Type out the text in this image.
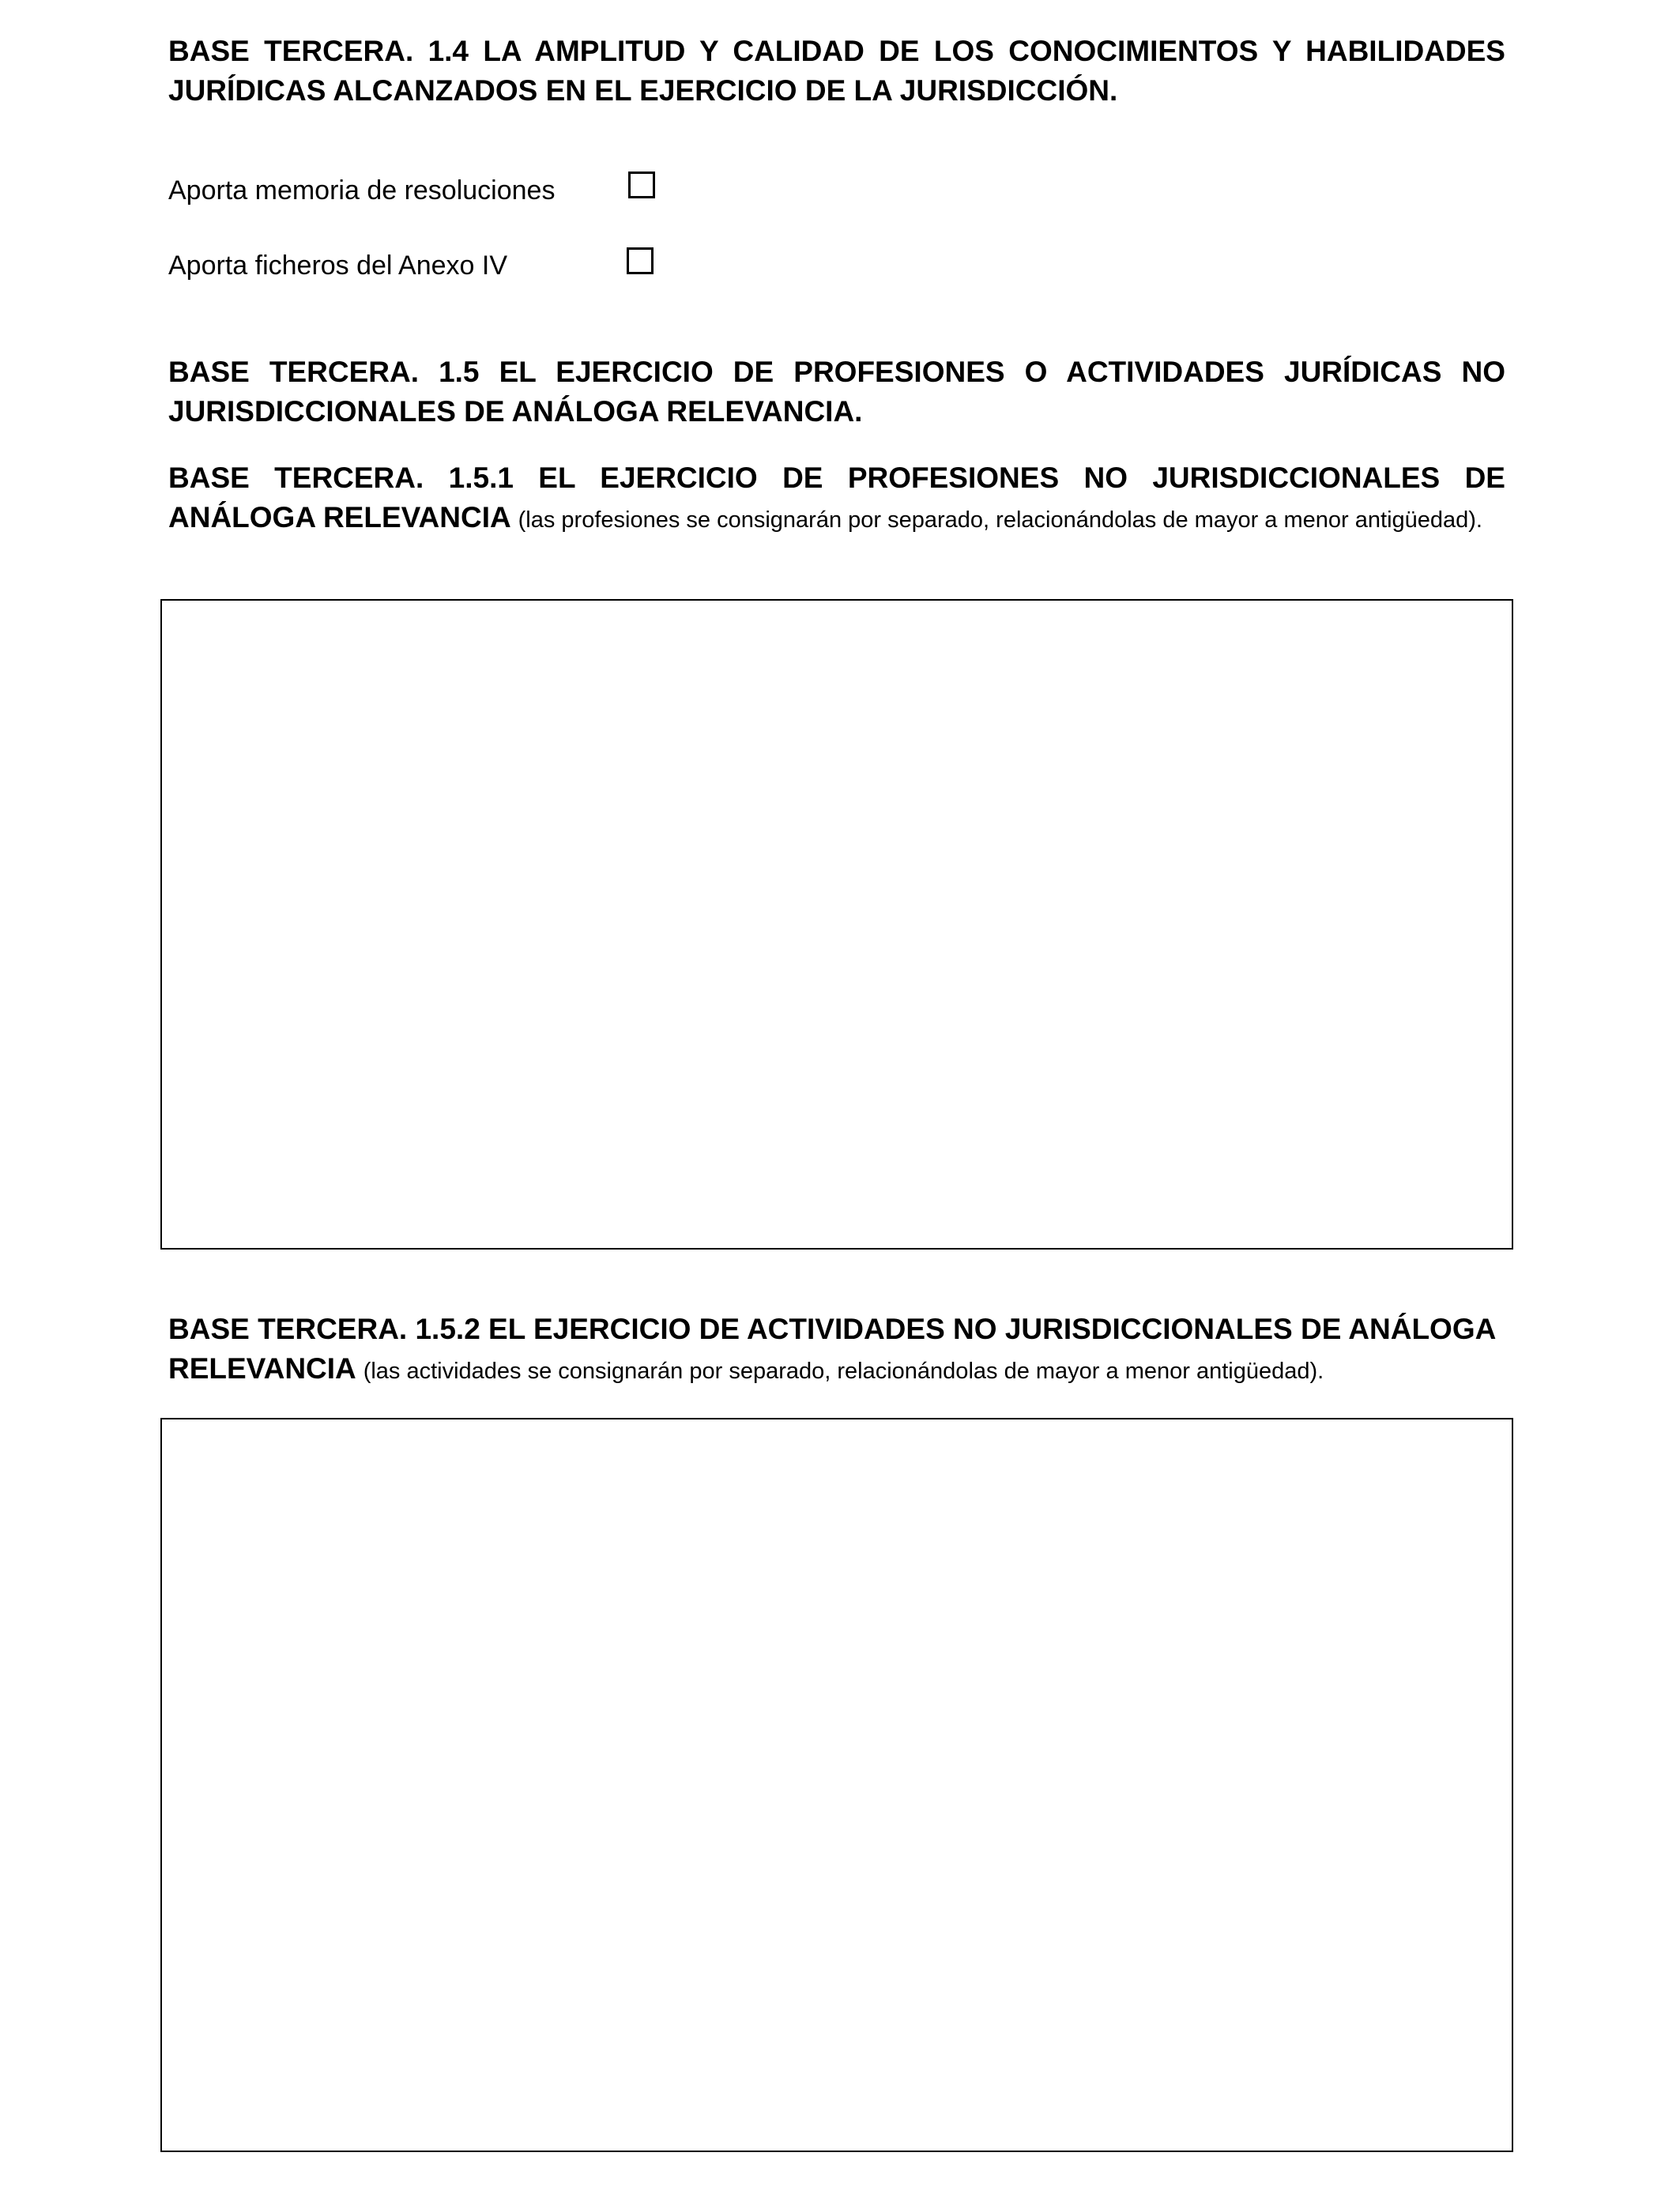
BASE TERCERA. 1.4 LA AMPLITUD Y CALIDAD DE LOS CONOCIMIENTOS Y HABILIDADES JURÍDICAS ALCANZADOS EN EL EJERCICIO DE LA JURISDICCIÓN.

Aporta memoria de resoluciones
Aporta ficheros del Anexo IV

BASE TERCERA. 1.5 EL EJERCICIO DE PROFESIONES O ACTIVIDADES JURÍDICAS NO JURISDICCIONALES DE ANÁLOGA RELEVANCIA.

BASE TERCERA. 1.5.1 EL EJERCICIO DE PROFESIONES NO JURISDICCIONALES DE ANÁLOGA RELEVANCIA (las profesiones se consignarán por separado, relacionándolas de mayor a menor antigüedad).

BASE TERCERA. 1.5.2 EL EJERCICIO DE ACTIVIDADES NO JURISDICCIONALES DE ANÁLOGA RELEVANCIA (las actividades se consignarán por separado, relacionándolas de mayor a menor antigüedad).
